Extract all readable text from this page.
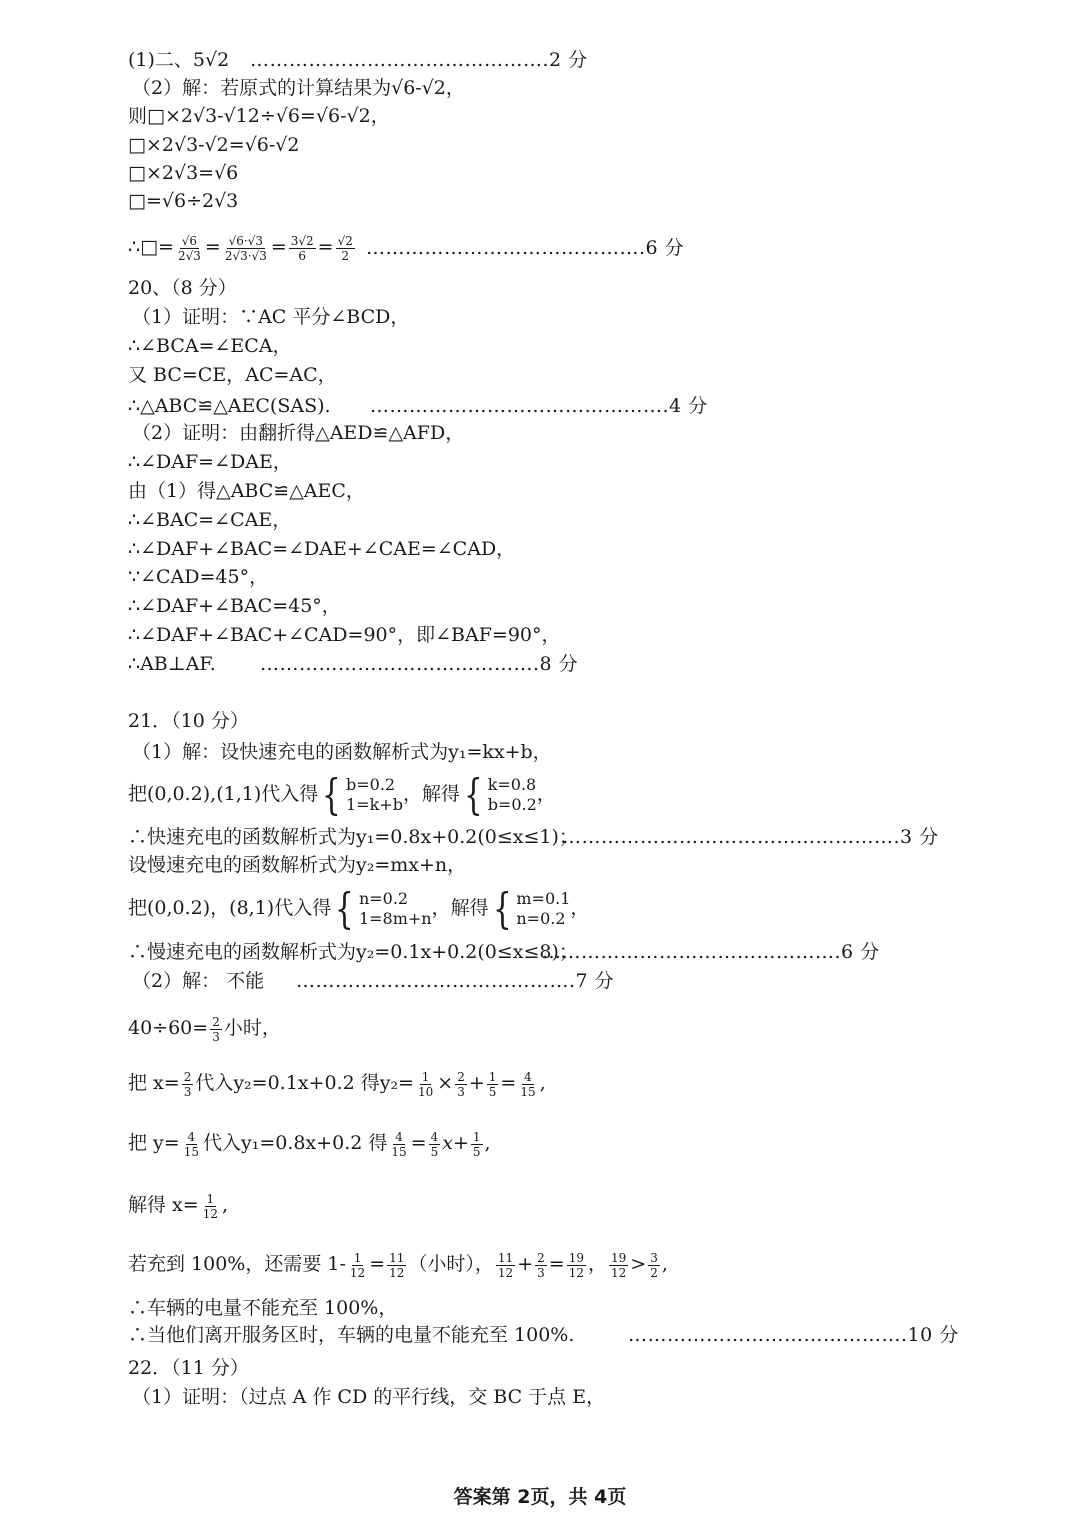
(1)二、5√2 ……………………………………….2 分
（2）解：若原式的计算结果为√6-√2，
则□×2√3-√12÷√6=√6-√2，
□×2√3-√2=√6-√2
□×2√3=√6
□=√6÷2√3
∴□= $\frac{√6}{2√3} = \frac{√6\cdot√3}{2√3\cdot√3} = \frac{3√2}{6} = \frac{√2}{2}$ …………………………………….6 分
20、（8 分）
（1）证明：∵AC 平分∠BCD，
∴∠BCA=∠ECA，
又 BC=CE，AC=AC，
∴△ABC≌△AEC(SAS). ……………………………………….4 分
（2）证明：由翻折得△AED≌△AFD，
∴∠DAF=∠DAE，
由（1）得△ABC≌△AEC，
∴∠BAC=∠CAE，
∴∠DAF+∠BAC=∠DAE+∠CAE=∠CAD，
∵∠CAD=45°，
∴∠DAF+∠BAC=45°，
∴∠DAF+∠BAC+∠CAD=90°，即∠BAF=90°，
∴AB⊥AF. …………………………………….8 分
21．（10 分）
（1）解：设快速充电的函数解析式为y₁=kx+b，
把(0,0.2),(1,1)代入得 { b=0.2
1=k+b ，解得 { k=0.8
b=0.2 ，
∴快速充电的函数解析式为y₁=0.8x+0.2(0≤x≤1)；
…………………………………………….3 分
设慢速充电的函数解析式为y₂=mx+n，
把(0,0.2)，(8,1)代入得 { n=0.2
1=8m+n ，解得 { m=0.1
n=0.2 ，
∴慢速充电的函数解析式为y₂=0.1x+0.2(0≤x≤8)；
……………………………………….6 分
（2）解： 不能 …………………………………….7 分
$40\div 60= \frac{2}{3}$ 小时，
把 $x= \frac{2}{3}$ 代入y₂=0.1x+0.2 得$y_2= \frac{1}{10} \times \frac{2}{3} + \frac{1}{5} = \frac{4}{15}$ ,
把 $y= \frac{4}{15}$ 代入y₁=0.8x+0.2 得 $\frac{4}{15} = \frac{4}{5} x+ \frac{1}{5}$ ,
解得 $x= \frac{1}{12}$ ,
若充到 100%，还需要 $1- \frac{1}{12} = \frac{11}{12}$ （小时）， $\frac{11}{12} + \frac{2}{3} = \frac{19}{12}$ ， $\frac{19}{12} > \frac{3}{2}$ ,
∴车辆的电量不能充至 100%，
∴当他们离开服务区时，车辆的电量不能充至 100%.	…………………………………….10 分
22．（11 分）
（1）证明：（过点 A 作 CD 的平行线，交 BC 于点 E，
答案第 2页，共 4页
